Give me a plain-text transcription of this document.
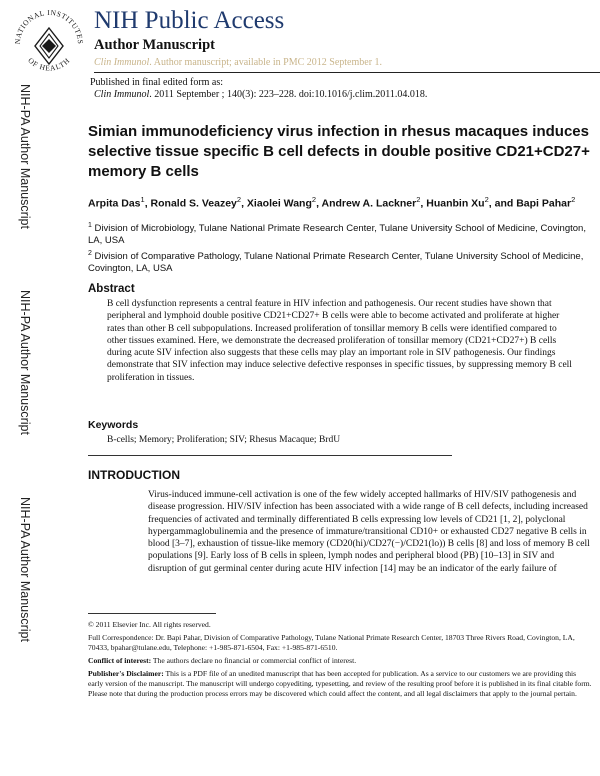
NATIONAL INSTITUTES
OF HEALTH
NIH Public Access
Author Manuscript
Clin Immunol. Author manuscript; available in PMC 2012 September 1.
Published in final edited form as:
Clin Immunol. 2011 September ; 140(3): 223–228. doi:10.1016/j.clim.2011.04.018.
NIH-PA Author Manuscript
NIH-PA Author Manuscript
NIH-PA Author Manuscript
Simian immunodeficiency virus infection in rhesus macaques induces selective tissue specific B cell defects in double positive CD21+CD27+ memory B cells
Arpita Das$^1$, Ronald S. Veazey$^2$, Xiaolei Wang$^2$, Andrew A. Lackner$^2$, Huanbin Xu$^2$, and Bapi Pahar$^2$
$^1$ Division of Microbiology, Tulane National Primate Research Center, Tulane University School of Medicine, Covington, LA, USA
$^2$ Division of Comparative Pathology, Tulane National Primate Research Center, Tulane University School of Medicine, Covington, LA, USA
Abstract
B cell dysfunction represents a central feature in HIV infection and pathogenesis. Our recent studies have shown that peripheral and lymphoid double positive CD21+CD27+ B cells were able to become activated and proliferate at higher rates than other B cell subpopulations. Increased proliferation of tonsillar memory B cells were identified compared to other tissues examined. Here, we demonstrate the decreased proliferation of tonsillar memory (CD21+CD27+) B cells during acute SIV infection also suggests that these cells may play an important role in SIV pathogenesis. Our findings demonstrate that SIV infection may induce selective defective responses in specific tissues, by suppressing memory B cell proliferation in tissues.
Keywords
B-cells; Memory; Proliferation; SIV; Rhesus Macaque; BrdU
INTRODUCTION
Virus-induced immune-cell activation is one of the few widely accepted hallmarks of HIV/SIV pathogenesis and disease progression. HIV/SIV infection has been associated with a wide range of B cell defects, including increased frequencies of activated and terminally differentiated B cells expressing low levels of CD21 [1, 2], polyclonal hypergammaglobulinemia and the presence of immature/transitional CD10+ or exhausted CD27 negative B cells in blood [3–7], exhaustion of tissue-like memory (CD20(hi)/CD27(−)/CD21(lo)) B cells [8] and loss of memory B cell populations [9]. Early loss of B cells in spleen, lymph nodes and peripheral blood (PB) [10–13] in SIV and disruption of gut germinal center during acute HIV infection [14] may be an indicator of the early failure of

© 2011 Elsevier Inc. All rights reserved.

Full Correspondence: Dr. Bapi Pahar, Division of Comparative Pathology, Tulane National Primate Research Center, 18703 Three Rivers Road, Covington, LA, 70433, bpahar@tulane.edu, Telephone: +1-985-871-6504, Fax: +1-985-871-6510.

Conflict of interest: The authors declare no financial or commercial conflict of interest.

Publisher's Disclaimer: This is a PDF file of an unedited manuscript that has been accepted for publication. As a service to our customers we are providing this early version of the manuscript. The manuscript will undergo copyediting, typesetting, and review of the resulting proof before it is published in its final citable form. Please note that during the production process errors may be discovered which could affect the content, and all legal disclaimers that apply to the journal pertain.
